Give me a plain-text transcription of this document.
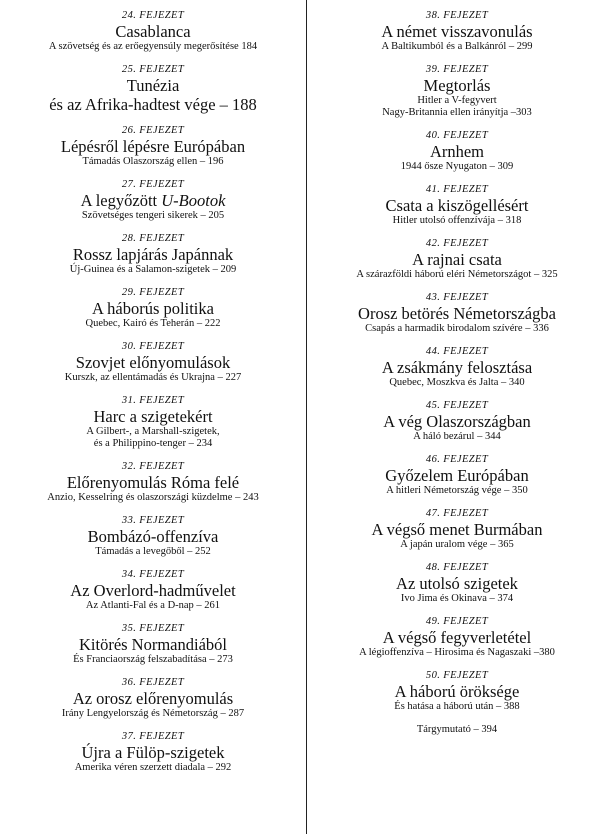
24. FEJEZET
Casablanca
A szövetség és az erőegyensúly megerősítése 184
25. FEJEZET
Tunézia
és az Afrika-hadtest vége – 188
26. FEJEZET
Lépésről lépésre Európában
Támadás Olaszország ellen – 196
27. FEJEZET
A legyőzött U-Bootok
Szövetséges tengeri sikerek – 205
28. FEJEZET
Rossz lapjárás Japánnak
Új-Guinea és a Salamon-szigetek – 209
29. FEJEZET
A háborús politika
Quebec, Kairó és Teherán – 222
30. FEJEZET
Szovjet előnyomulások
Kurszk, az ellentámadás és Ukrajna – 227
31. FEJEZET
Harc a szigetekért
A Gilbert-, a Marshall-szigetek,
és a Philippino-tenger – 234
32. FEJEZET
Előrenyomulás Róma felé
Anzio, Kesselring és olaszországi küzdelme – 243
33. FEJEZET
Bombázó-offenzíva
Támadás a levegőből – 252
34. FEJEZET
Az Overlord-hadművelet
Az Atlanti-Fal és a D-nap – 261
35. FEJEZET
Kitörés Normandiából
És Franciaország felszabadítása – 273
36. FEJEZET
Az orosz előrenyomulás
Irány Lengyelország és Németország – 287
37. FEJEZET
Újra a Fülöp-szigetek
Amerika véren szerzett diadala – 292
38. FEJEZET
A német visszavonulás
A Baltikumból és a Balkánról – 299
39. FEJEZET
Megtorlás
Hitler a V-fegyvert
Nagy-Britannia ellen irányítja –303
40. FEJEZET
Arnhem
1944 ősze Nyugaton – 309
41. FEJEZET
Csata a kiszögellésért
Hitler utolsó offenzívája – 318
42. FEJEZET
A rajnai csata
A szárazföldi háború eléri Németországot – 325
43. FEJEZET
Orosz betörés Németországba
Csapás a harmadik birodalom szívére – 336
44. FEJEZET
A zsákmány felosztása
Quebec, Moszkva és Jalta – 340
45. FEJEZET
A vég Olaszországban
A háló bezárul – 344
46. FEJEZET
Győzelem Európában
A hitleri Németország vége – 350
47. FEJEZET
A végső menet Burmában
A japán uralom vége – 365
48. FEJEZET
Az utolsó szigetek
Ivo Jima és Okinava – 374
49. FEJEZET
A végső fegyverletétel
A légioffenzíva – Hirosima és Nagaszaki –380
50. FEJEZET
A háború öröksége
És hatása a háború után – 388
Tárgymutató – 394
